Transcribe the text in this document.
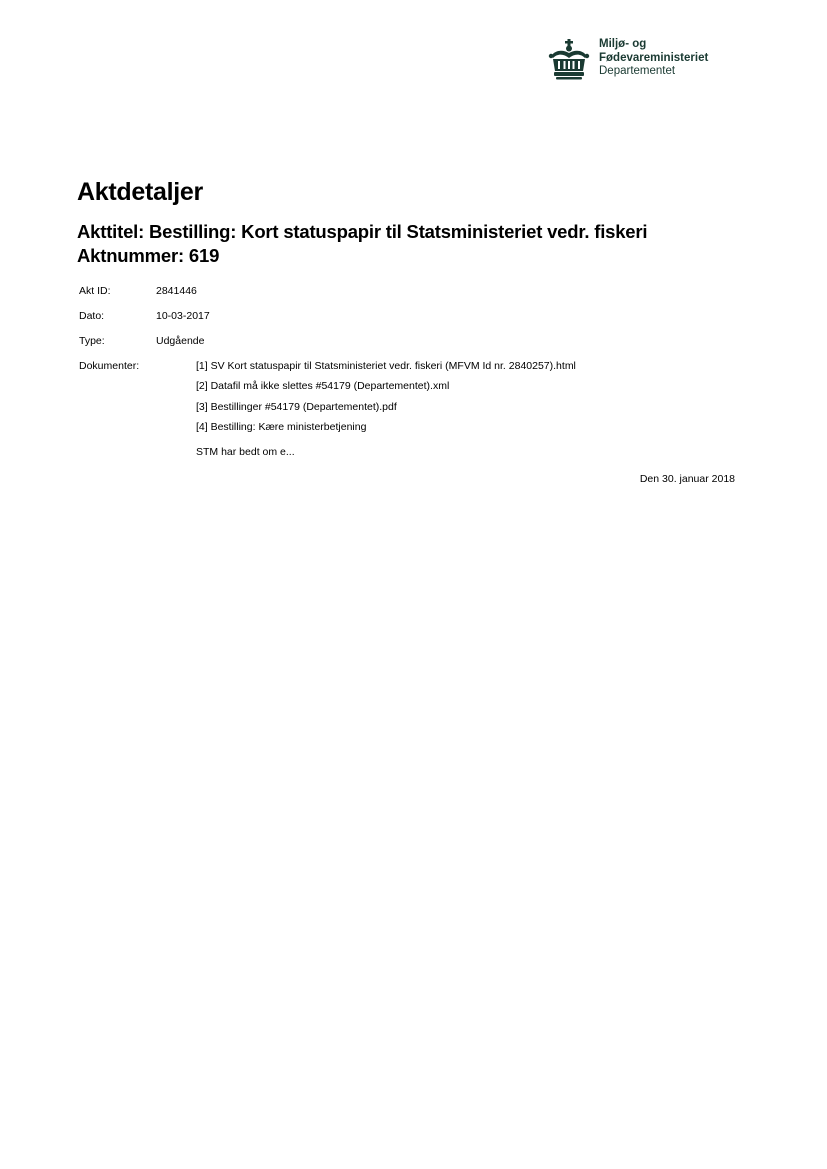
Miljø- og
Fødevareministeriet
Departementet
Aktdetaljer
Akttitel: Bestilling: Kort statuspapir til Statsministeriet vedr. fiskeri
Aktnummer: 619
Akt ID:	2841446
Dato:	10-03-2017
Type:	Udgående
Dokumenter:	[1] SV Kort statuspapir til Statsministeriet vedr. fiskeri (MFVM Id nr. 2840257).html
[2] Datafil må ikke slettes #54179 (Departementet).xml
[3] Bestillinger #54179 (Departementet).pdf
[4] Bestilling: Kære ministerbetjening
STM har bedt om e...
Den 30. januar 2018
